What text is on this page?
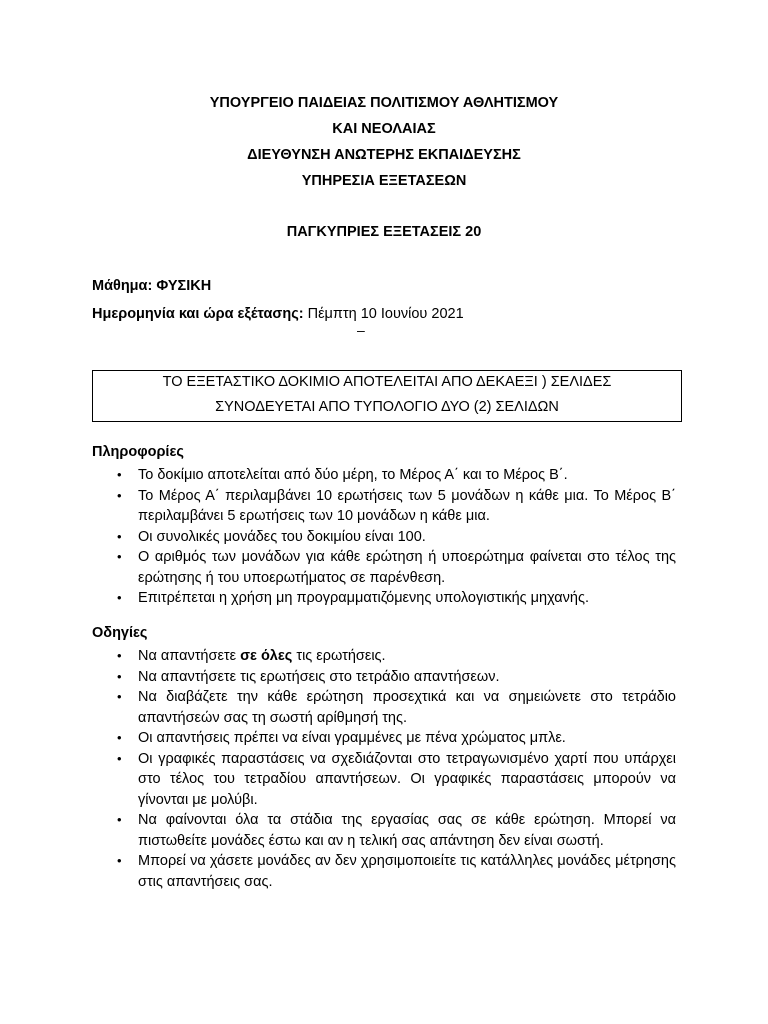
ΥΠΟΥΡΓΕΙΟ ΠΑΙΔΕΙΑΣ ΠΟΛΙΤΙΣΜΟΥ ΑΘΛΗΤΙΣΜΟΥ
ΚΑΙ ΝΕΟΛΑΙΑΣ
ΔΙΕΥΘΥΝΣΗ ΑΝΩΤΕΡΗΣ ΕΚΠΑΙΔΕΥΣΗΣ
ΥΠΗΡΕΣΙΑ ΕΞΕΤΑΣΕΩΝ
ΠΑΓΚΥΠΡΙΕΣ ΕΞΕΤΑΣΕΙΣ 20
Μάθημα: ΦΥΣΙΚΗ
Ημερομηνία και ώρα εξέτασης: Πέμπτη 10 Ιουνίου 2021
–
ΤΟ ΕΞΕΤΑΣΤΙΚΟ ΔΟΚΙΜΙΟ ΑΠΟΤΕΛΕΙΤΑΙ ΑΠΟ ΔΕΚΑΕΞΙ ) ΣΕΛΙΔΕΣ
ΣΥΝΟΔΕΥΕΤΑΙ ΑΠΟ ΤΥΠΟΛΟΓΙΟ ΔΥΟ (2) ΣΕΛΙΔΩΝ
Πληροφορίες
• Το δοκίμιο αποτελείται από δύο μέρη, το Μέρος Α΄ και το Μέρος Β΄.
• Το Μέρος Α΄ περιλαμβάνει 10 ερωτήσεις των 5 μονάδων η κάθε μια. Το Μέρος Β΄ περιλαμβάνει 5 ερωτήσεις των 10 μονάδων η κάθε μια.
• Οι συνολικές μονάδες του δοκιμίου είναι 100.
• Ο αριθμός των μονάδων για κάθε ερώτηση ή υποερώτημα φαίνεται στο τέλος της ερώτησης ή του υποερωτήματος σε παρένθεση.
• Επιτρέπεται η χρήση μη προγραμματιζόμενης υπολογιστικής μηχανής.
Οδηγίες
• Να απαντήσετε σε όλες τις ερωτήσεις.
• Να απαντήσετε τις ερωτήσεις στο τετράδιο απαντήσεων.
• Να διαβάζετε την κάθε ερώτηση προσεχτικά και να σημειώνετε στο τετράδιο απαντήσεών σας τη σωστή αρίθμησή της.
• Οι απαντήσεις πρέπει να είναι γραμμένες με πένα χρώματος μπλε.
• Οι γραφικές παραστάσεις να σχεδιάζονται στο τετραγωνισμένο χαρτί που υπάρχει στο τέλος του τετραδίου απαντήσεων. Οι γραφικές παραστάσεις μπορούν να γίνονται με μολύβι.
• Να φαίνονται όλα τα στάδια της εργασίας σας σε κάθε ερώτηση. Μπορεί να πιστωθείτε μονάδες έστω και αν η τελική σας απάντηση δεν είναι σωστή.
• Μπορεί να χάσετε μονάδες αν δεν χρησιμοποιείτε τις κατάλληλες μονάδες μέτρησης στις απαντήσεις σας.
